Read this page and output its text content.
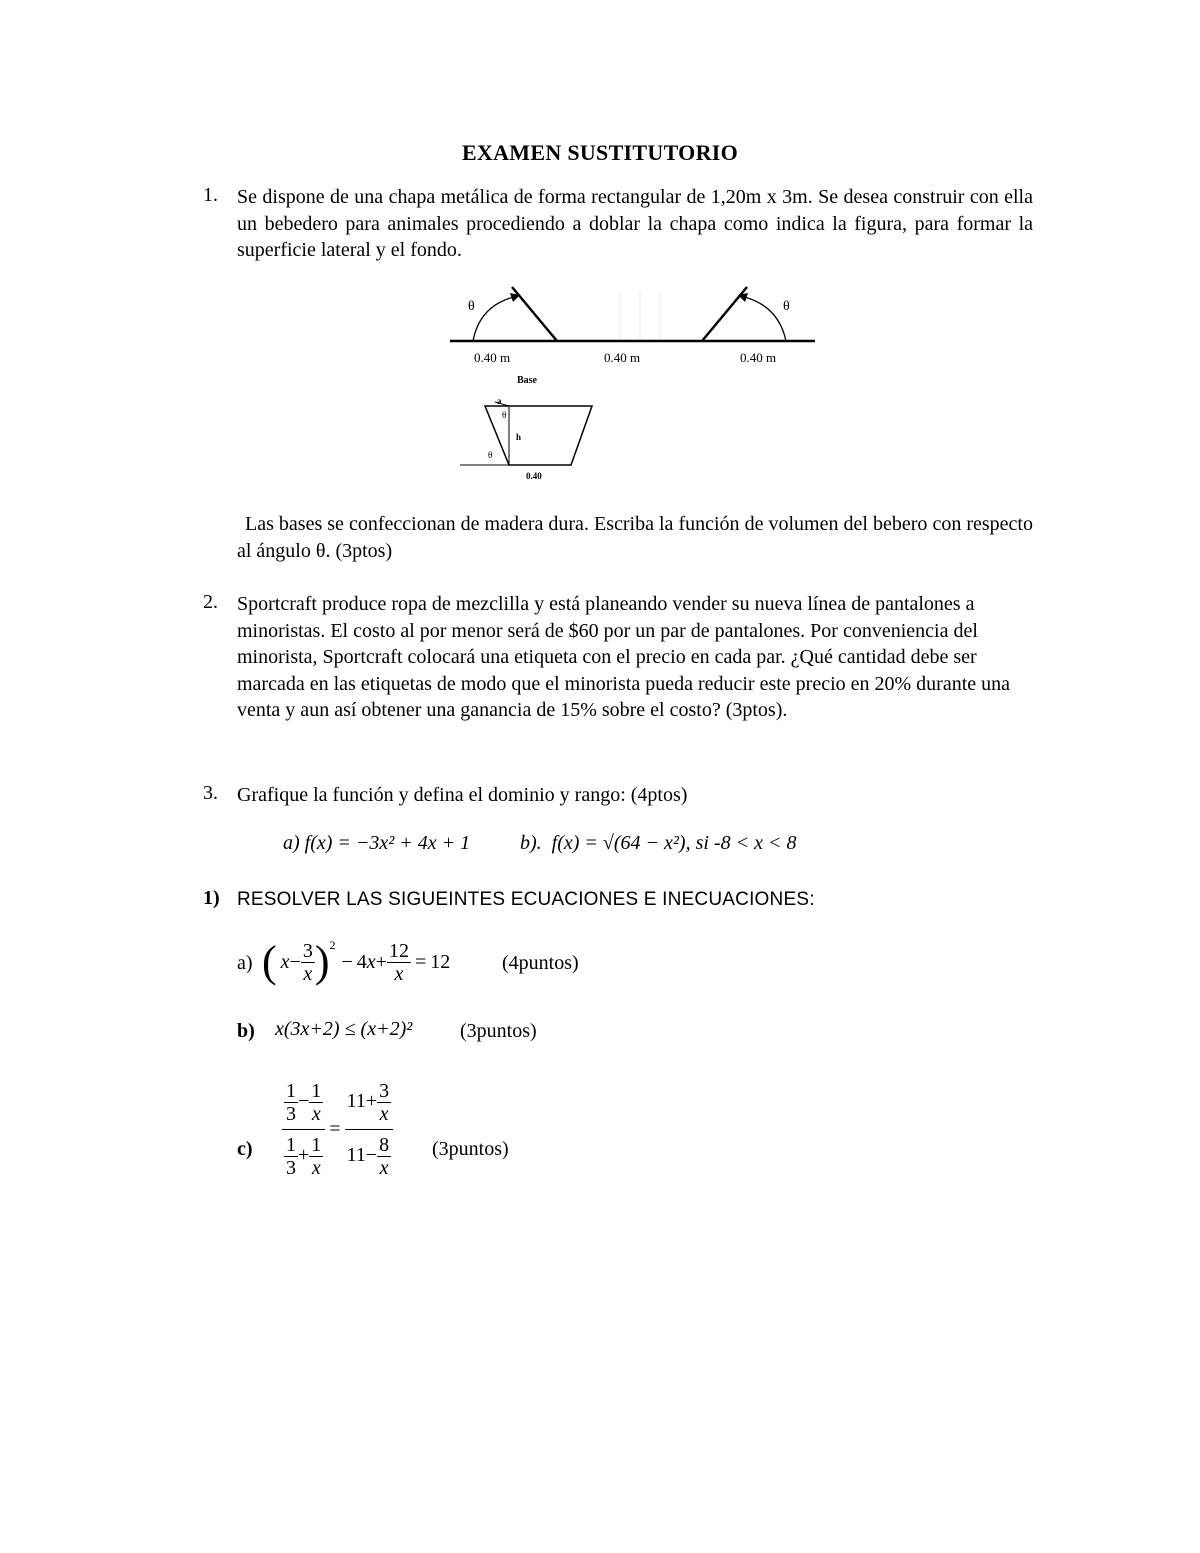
EXAMEN SUSTITUTORIO
1. Se dispone de una chapa metálica de forma rectangular de 1,20m x 3m. Se desea construir con ella un bebedero para animales procediendo a doblar la chapa como indica la figura, para formar la superficie lateral y el fondo.
θ	θ
0.40 m	0.40 m	0.40 m
Base
a
θ
h
θ
0.40
Las bases se confeccionan de madera dura. Escriba la función de volumen del bebero con respecto al ángulo θ. (3ptos)
2. Sportcraft produce ropa de mezclilla y está planeando vender su nueva línea de pantalones a minoristas. El costo al por menor será de $60 por un par de pantalones. Por conveniencia del minorista, Sportcraft colocará una etiqueta con el precio en cada par. ¿Qué cantidad debe ser marcada en las etiquetas de modo que el minorista pueda reducir este precio en 20% durante una venta y aun así obtener una ganancia de 15% sobre el costo? (3ptos).
3. Grafique la función y defina el dominio y rango: (4ptos)
a) f(x) = −3x² + 4x + 1 b). f(x) = √(64 − x²), si -8 < x < 8
1) RESOLVER LAS SIGUEINTES ECUACIONES E INECUACIONES:
a) ( $x - \frac{3}{x} )^2$
− $4x+ \frac{12}{x} = 12$	(4puntos)
b) x(3x+2) ≤ (x+2)² (3puntos)
$c) \frac{\frac{1}{3} - \frac{1}{x}}{\frac{1}{3} + \frac{1}{x}} = \frac{11+ \frac{3}{x}}{11- \frac{8}{x}}$ (3puntos)
